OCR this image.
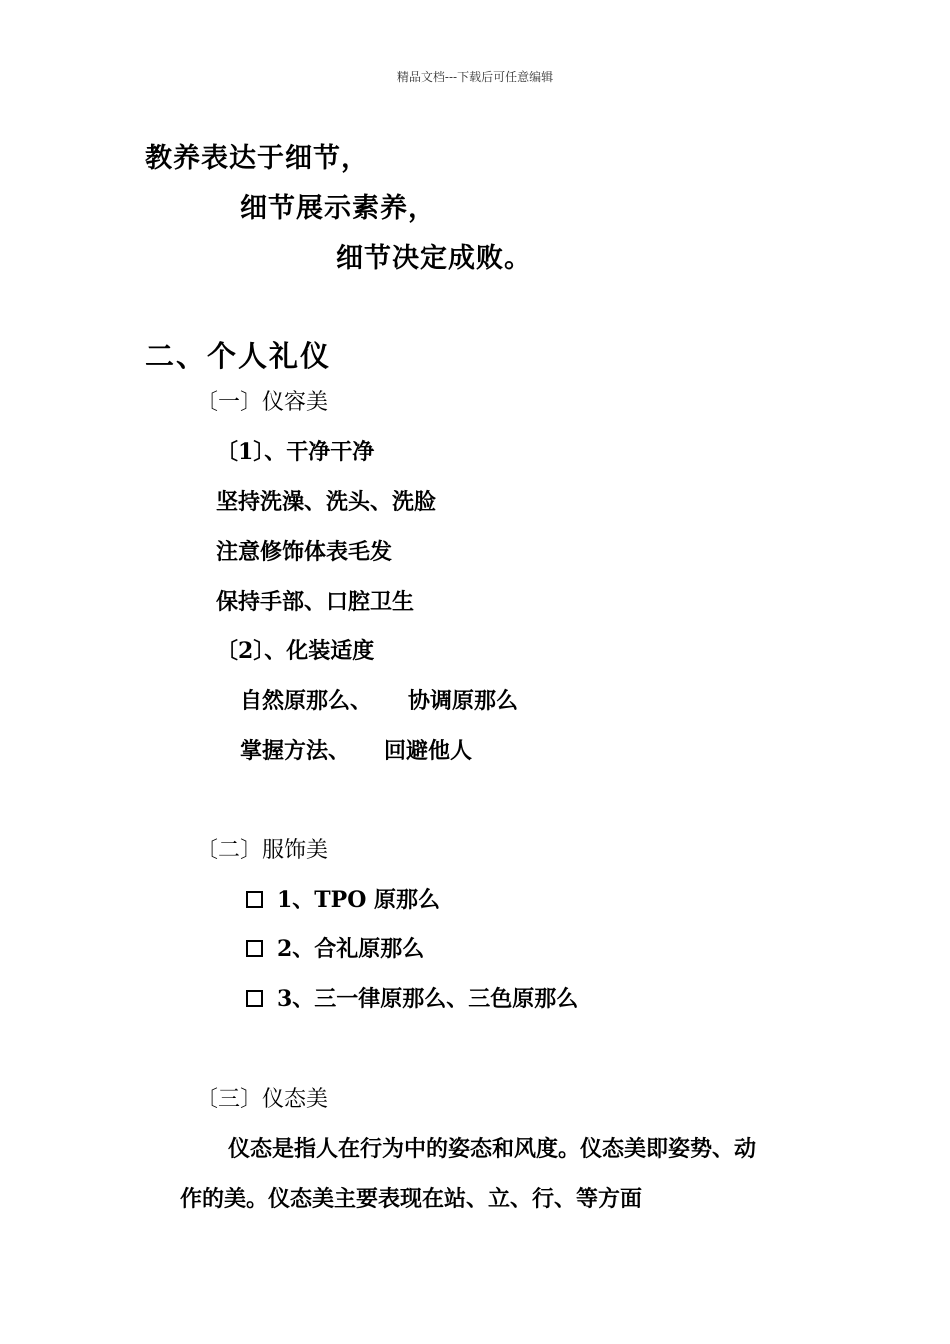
精品文档---下载后可任意编辑
教养表达于细节，
细节展示素养，
细节决定成败。
二、个人礼仪
〔一〕仪容美
〔1〕、干净干净
坚持洗澡、洗头、洗脸
注意修饰体表毛发
保持手部、口腔卫生
〔2〕、化装适度
自然原那么、 协调原那么
掌握方法、 回避他人
〔二〕服饰美
1、TPO 原那么
2、合礼原那么
3、三一律原那么、三色原那么
〔三〕仪态美
仪态是指人在行为中的姿态和风度。仪态美即姿势、动
作的美。仪态美主要表现在站、立、行、等方面
